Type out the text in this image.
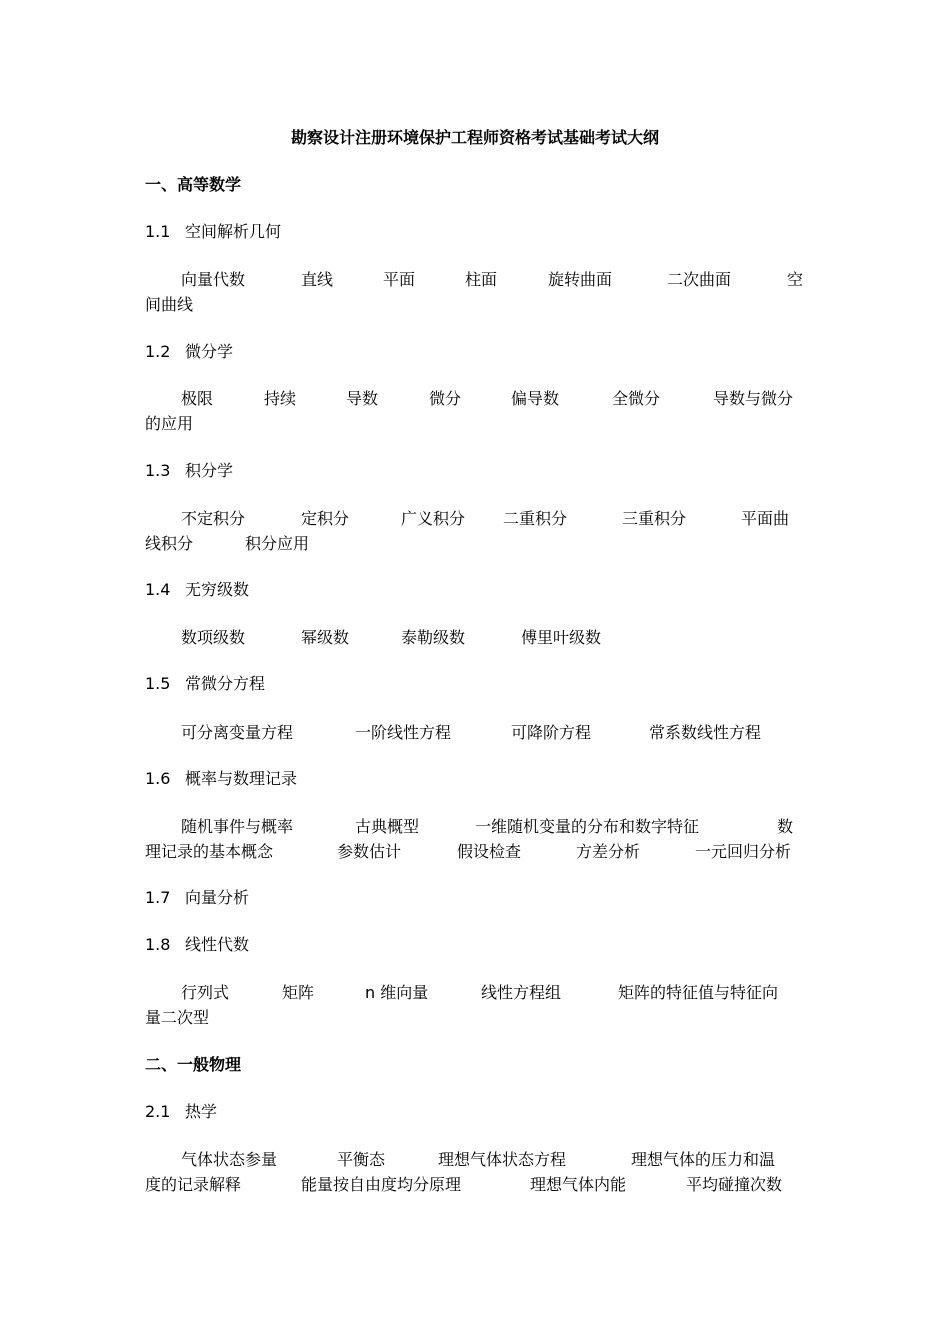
勘察设计注册环境保护工程师资格考试基础考试大纲
一、高等数学
1.1 空间解析几何
向量代数	直线	平面	柱面	旋转曲面	二次曲面	空
间曲线
1.2 微分学
极限	持续	导数	微分	偏导数	全微分	导数与微分
的应用
1.3 积分学
不定积分	定积分	广义积分 二重积分	三重积分	平面曲
线积分	积分应用
1.4 无穷级数
数项级数	幂级数	泰勒级数	傅里叶级数
1.5 常微分方程
可分离变量方程	一阶线性方程	可降阶方程	常系数线性方程
1.6 概率与数理记录
随机事件与概率	古典概型	一维随机变量的分布和数字特征	数
理记录的基本概念	参数估计	假设检查	方差分析	一元回归分析
1.7 向量分析
1.8 线性代数
行列式	矩阵	n 维向量	线性方程组	矩阵的特征值与特征向
量二次型
二、一般物理
2.1 热学
气体状态参量	平衡态	理想气体状态方程	理想气体的压力和温
度的记录解释	能量按自由度均分原理	理想气体内能	平均碰撞次数
